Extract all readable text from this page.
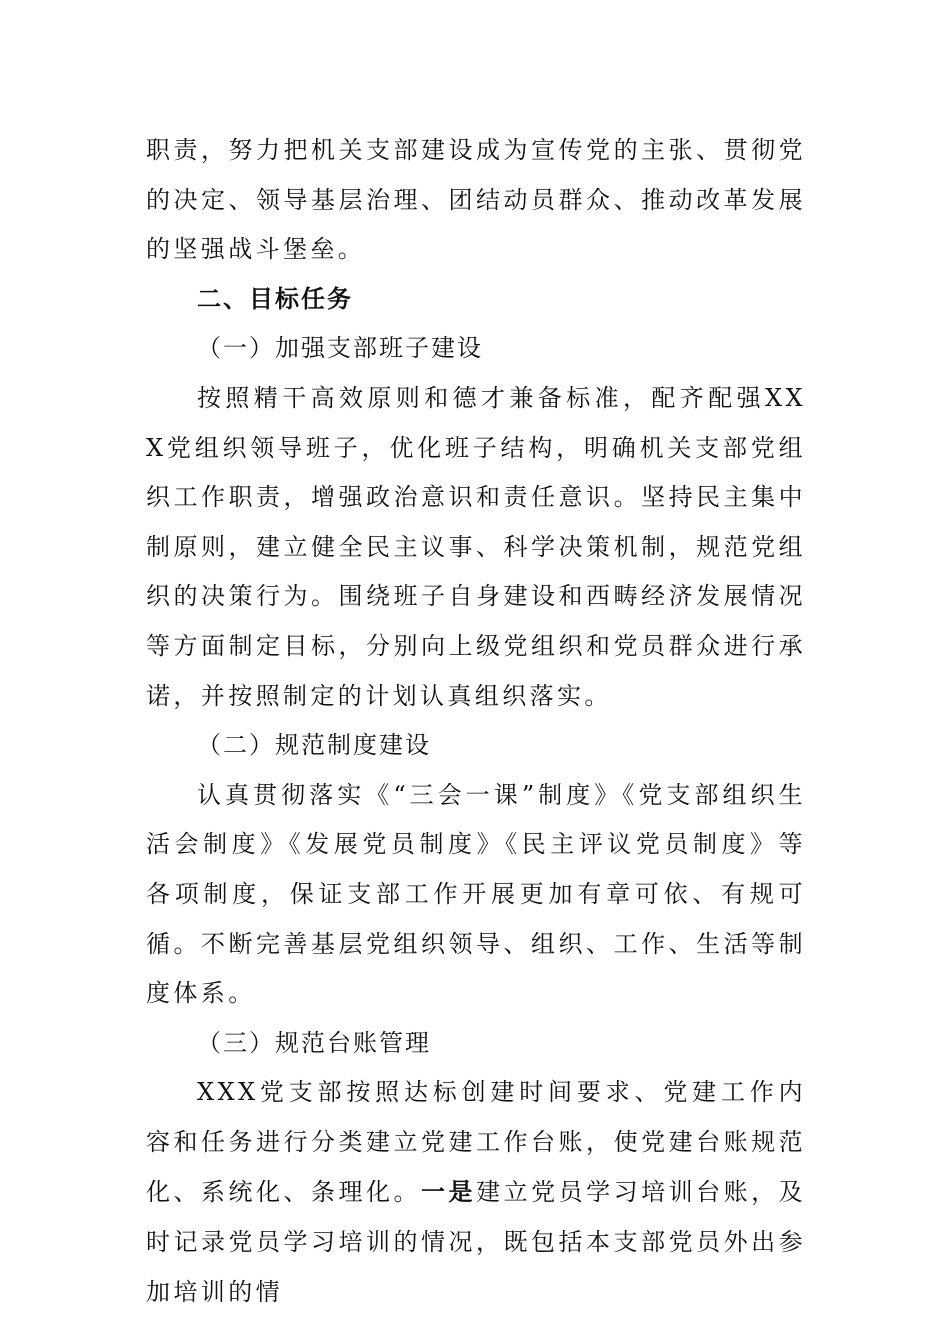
职责，努力把机关支部建设成为宣传党的主张、贯彻党的决定、领导基层治理、团结动员群众、推动改革发展的坚强战斗堡垒。

二、目标任务

（一）加强支部班子建设

按照精干高效原则和德才兼备标准，配齐配强XXX党组织领导班子，优化班子结构，明确机关支部党组织工作职责，增强政治意识和责任意识。坚持民主集中制原则，建立健全民主议事、科学决策机制，规范党组织的决策行为。围绕班子自身建设和西畴经济发展情况等方面制定目标，分别向上级党组织和党员群众进行承诺，并按照制定的计划认真组织落实。

（二）规范制度建设

认真贯彻落实《“三会一课”制度》《党支部组织生活会制度》《发展党员制度》《民主评议党员制度》等各项制度，保证支部工作开展更加有章可依、有规可循。不断完善基层党组织领导、组织、工作、生活等制度体系。

（三）规范台账管理

XXX党支部按照达标创建时间要求、党建工作内容和任务进行分类建立党建工作台账，使党建台账规范化、系统化、条理化。一是建立党员学习培训台账，及时记录党员学习培训的情况，既包括本支部党员外出参加培训的情
